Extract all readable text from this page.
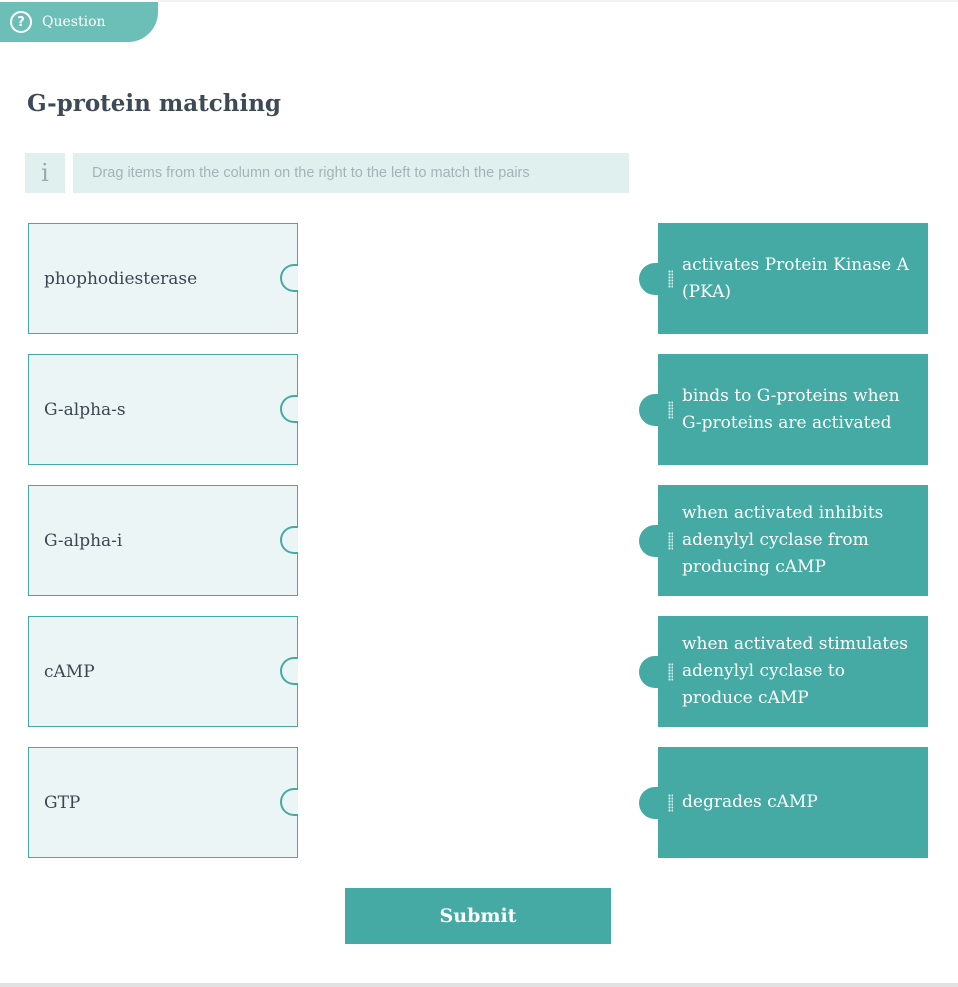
?	Question
G-protein matching
i	Drag items from the column on the right to the left to match the pairs
phophodiesterase
G-alpha-s
G-alpha-i
cAMP
GTP
activates Protein Kinase A (PKA)
binds to G-proteins when G-proteins are activated
when activated inhibits adenylyl cyclase from producing cAMP
when activated stimulates adenylyl cyclase to produce cAMP
degrades cAMP
Submit
